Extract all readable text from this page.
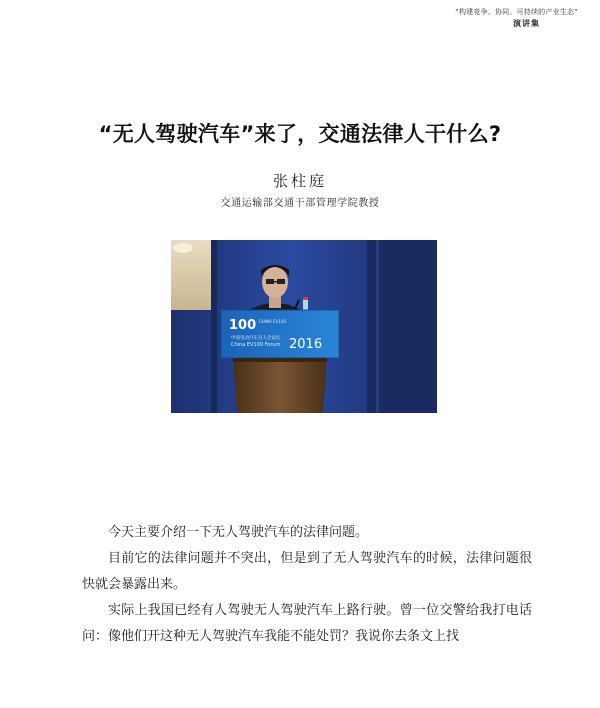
“构建竞争、协同、可持续的产业生态”
演讲集
“无人驾驶汽车”来了，交通法律人干什么?
张柱庭
交通运输部交通干部管理学院教授
100 CHINA EV100
中国电动汽车百人会论坛
China EV100 Forum 2016

今天主要介绍一下无人驾驶汽车的法律问题。

目前它的法律问题并不突出，但是到了无人驾驶汽车的时候，法律问题很快就会暴露出来。

实际上我国已经有人驾驶无人驾驶汽车上路行驶。曾一位交警给我打电话问：像他们开这种无人驾驶汽车我能不能处罚？我说你去条文上找
